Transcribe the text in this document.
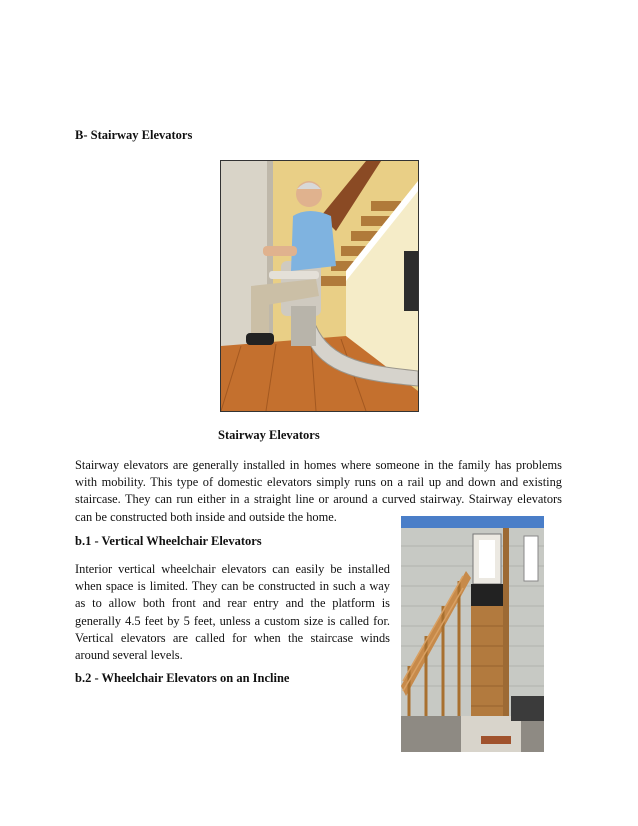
B- Stairway Elevators
Stairway Elevators
Stairway elevators are generally installed in homes where someone in the family has problems
with mobility. This type of domestic elevators simply runs on a rail up and down and existing
staircase. They can run either in a straight line or around a curved stairway. Stairway elevators
can be constructed both inside and outside the home.
b.1 - Vertical Wheelchair Elevators
Interior vertical wheelchair elevators can easily be installed
when space is limited. They can be constructed in such a way
as to allow both front and rear entry and the platform is
generally 4.5 feet by 5 feet, unless a custom size is called for.
Vertical elevators are called for when the staircase winds
around several levels.
b.2 - Wheelchair Elevators on an Incline
